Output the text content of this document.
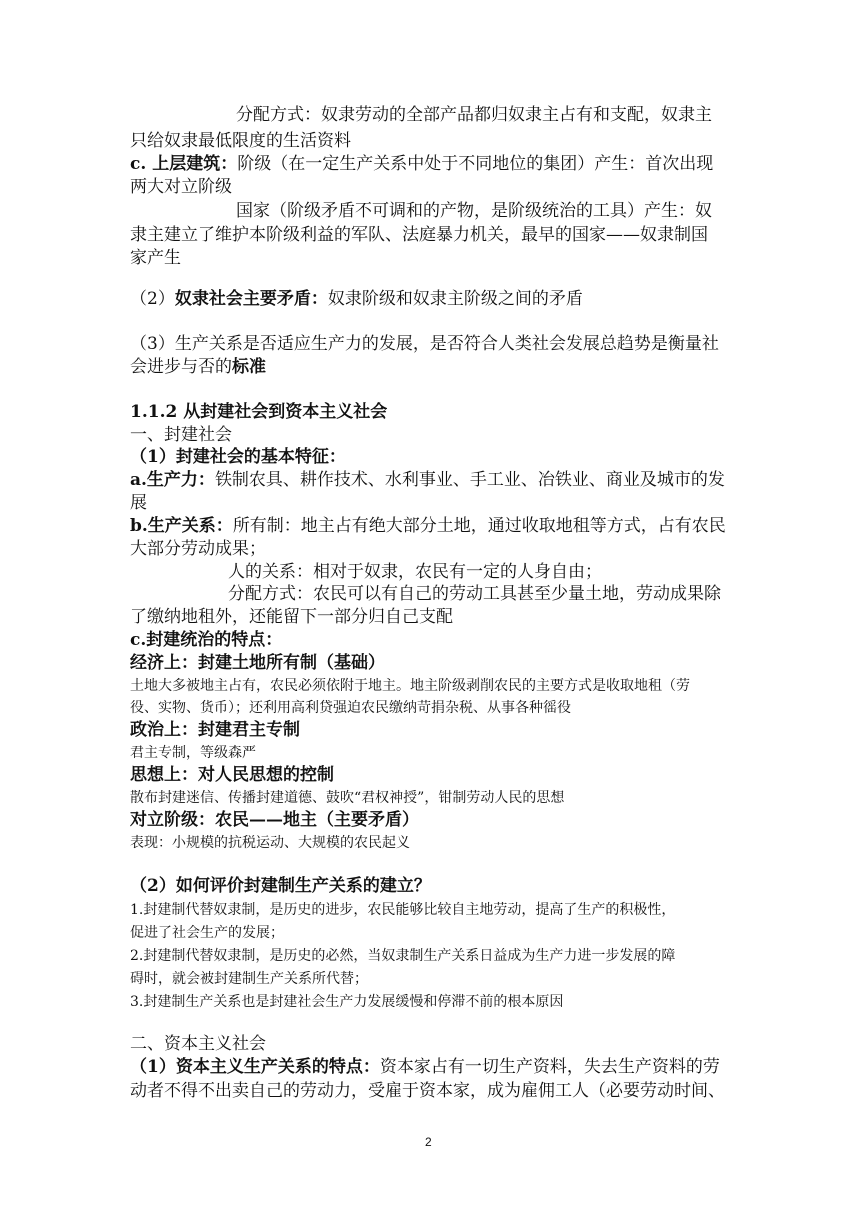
分配方式：奴隶劳动的全部产品都归奴隶主占有和支配，奴隶主
只给奴隶最低限度的生活资料
c. 上层建筑：阶级（在一定生产关系中处于不同地位的集团）产生：首次出现
两大对立阶级
国家（阶级矛盾不可调和的产物，是阶级统治的工具）产生：奴
隶主建立了维护本阶级利益的军队、法庭暴力机关，最早的国家——奴隶制国
家产生
（2）奴隶社会主要矛盾：奴隶阶级和奴隶主阶级之间的矛盾
（3）生产关系是否适应生产力的发展，是否符合人类社会发展总趋势是衡量社
会进步与否的标准
1.1.2 从封建社会到资本主义社会
一、封建社会
（1）封建社会的基本特征：
a.生产力：铁制农具、耕作技术、水利事业、手工业、冶铁业、商业及城市的发
展
b.生产关系：所有制：地主占有绝大部分土地，通过收取地租等方式，占有农民
大部分劳动成果；
人的关系：相对于奴隶，农民有一定的人身自由；
分配方式：农民可以有自己的劳动工具甚至少量土地，劳动成果除
了缴纳地租外，还能留下一部分归自己支配
c.封建统治的特点：
经济上：封建土地所有制（基础）
土地大多被地主占有，农民必须依附于地主。地主阶级剥削农民的主要方式是收取地租（劳
役、实物、货币）；还利用高利贷强迫农民缴纳苛捐杂税、从事各种徭役
政治上：封建君主专制
君主专制，等级森严
思想上：对人民思想的控制
散布封建迷信、传播封建道德、鼓吹“君权神授”，钳制劳动人民的思想
对立阶级：农民——地主（主要矛盾）
表现：小规模的抗税运动、大规模的农民起义
（2）如何评价封建制生产关系的建立？
1.封建制代替奴隶制，是历史的进步，农民能够比较自主地劳动，提高了生产的积极性，
促进了社会生产的发展；
2.封建制代替奴隶制，是历史的必然，当奴隶制生产关系日益成为生产力进一步发展的障
碍时，就会被封建制生产关系所代替；
3.封建制生产关系也是封建社会生产力发展缓慢和停滞不前的根本原因
二、资本主义社会
（1）资本主义生产关系的特点：资本家占有一切生产资料，失去生产资料的劳
动者不得不出卖自己的劳动力，受雇于资本家，成为雇佣工人（必要劳动时间、
2
